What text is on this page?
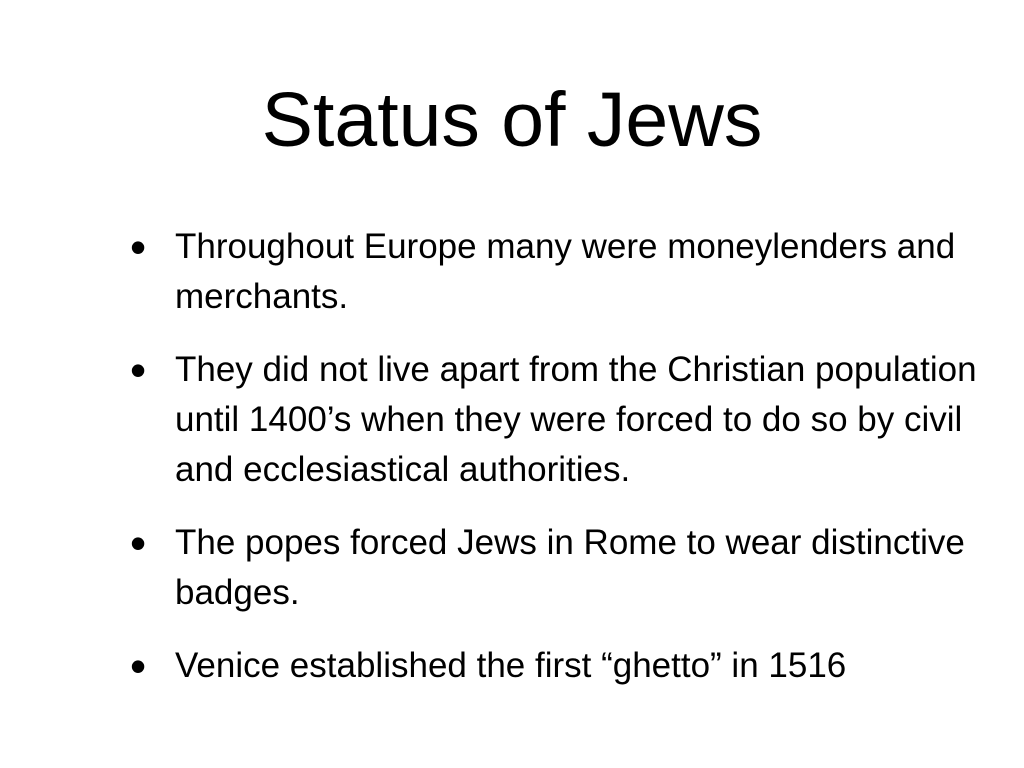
Status of Jews
• Throughout Europe many were moneylenders and merchants.
• They did not live apart from the Christian population until 1400’s when they were forced to do so by civil and ecclesiastical authorities.
• The popes forced Jews in Rome to wear distinctive badges.
• Venice established the first “ghetto” in 1516
